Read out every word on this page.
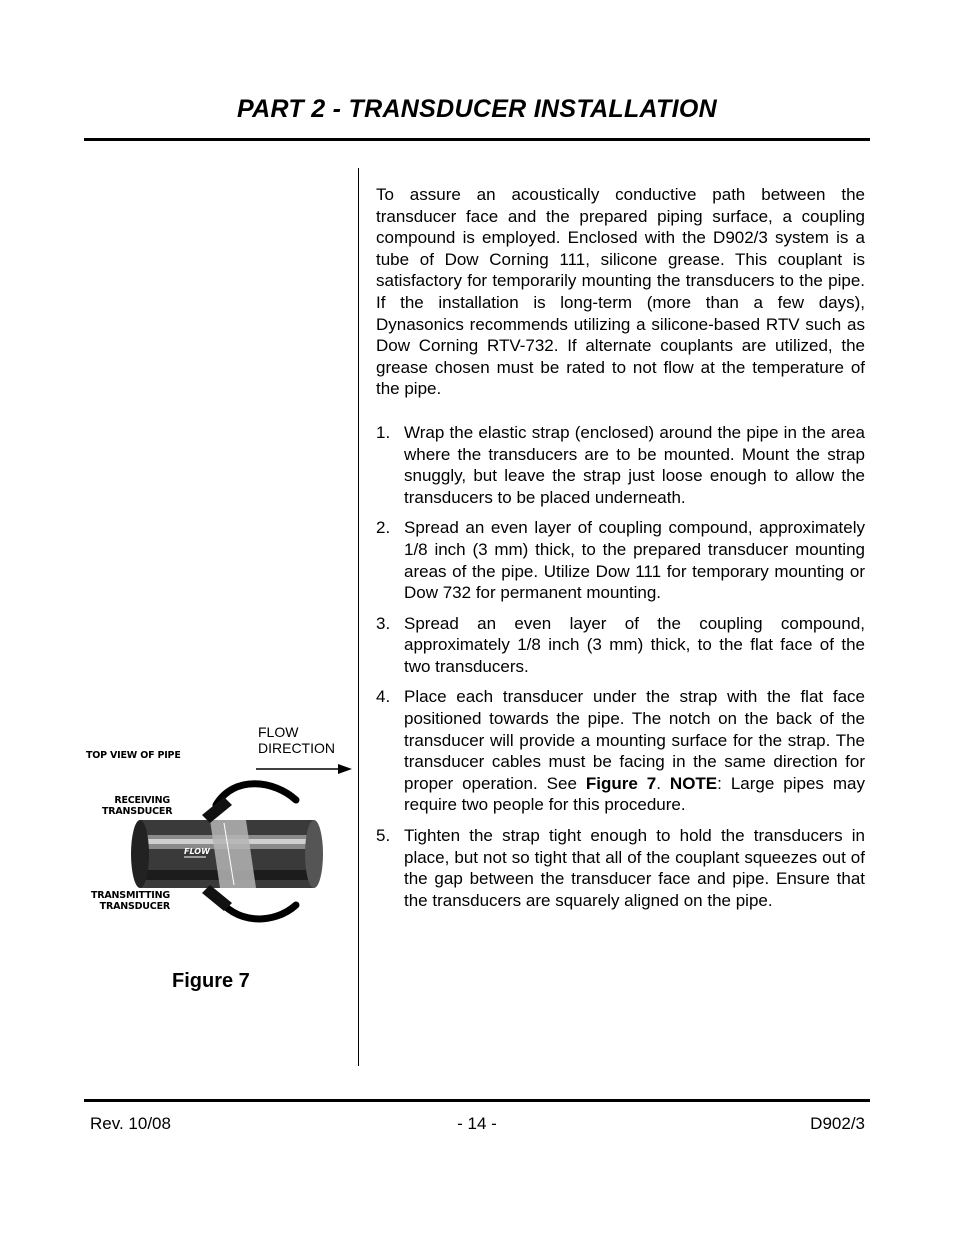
PART 2 - TRANSDUCER INSTALLATION
FLOW
DIRECTION
TOP VIEW OF PIPE
RECEIVING
TRANSDUCER
TRANSMITTING
TRANSDUCER
FLOW
Figure 7

To assure an acoustically conductive path between the transducer face and the prepared piping surface, a coupling compound is employed. Enclosed with the D902/3 system is a tube of Dow Corning 111, silicone grease. This couplant is satisfactory for temporarily mounting the transducers to the pipe. If the installation is long-term (more than a few days), Dynasonics recommends utilizing a silicone-based RTV such as Dow Corning RTV-732. If alternate couplants are utilized, the grease chosen must be rated to not flow at the temperature of the pipe.

1. Wrap the elastic strap (enclosed) around the pipe in the area where the transducers are to be mounted. Mount the strap snuggly, but leave the strap just loose enough to allow the transducers to be placed underneath.
2. Spread an even layer of coupling compound, approximately 1/8 inch (3 mm) thick, to the prepared transducer mounting areas of the pipe. Utilize Dow 111 for temporary mounting or Dow 732 for permanent mounting.
3. Spread an even layer of the coupling compound, approximately 1/8 inch (3 mm) thick, to the flat face of the two transducers.
4. Place each transducer under the strap with the flat face positioned towards the pipe. The notch on the back of the transducer will provide a mounting surface for the strap. The transducer cables must be facing in the same direction for proper operation. See Figure 7. NOTE: Large pipes may require two people for this procedure.
5. Tighten the strap tight enough to hold the transducers in place, but not so tight that all of the couplant squeezes out of the gap between the transducer face and pipe. Ensure that the transducers are squarely aligned on the pipe.
Rev. 10/08	- 14 -	D902/3
